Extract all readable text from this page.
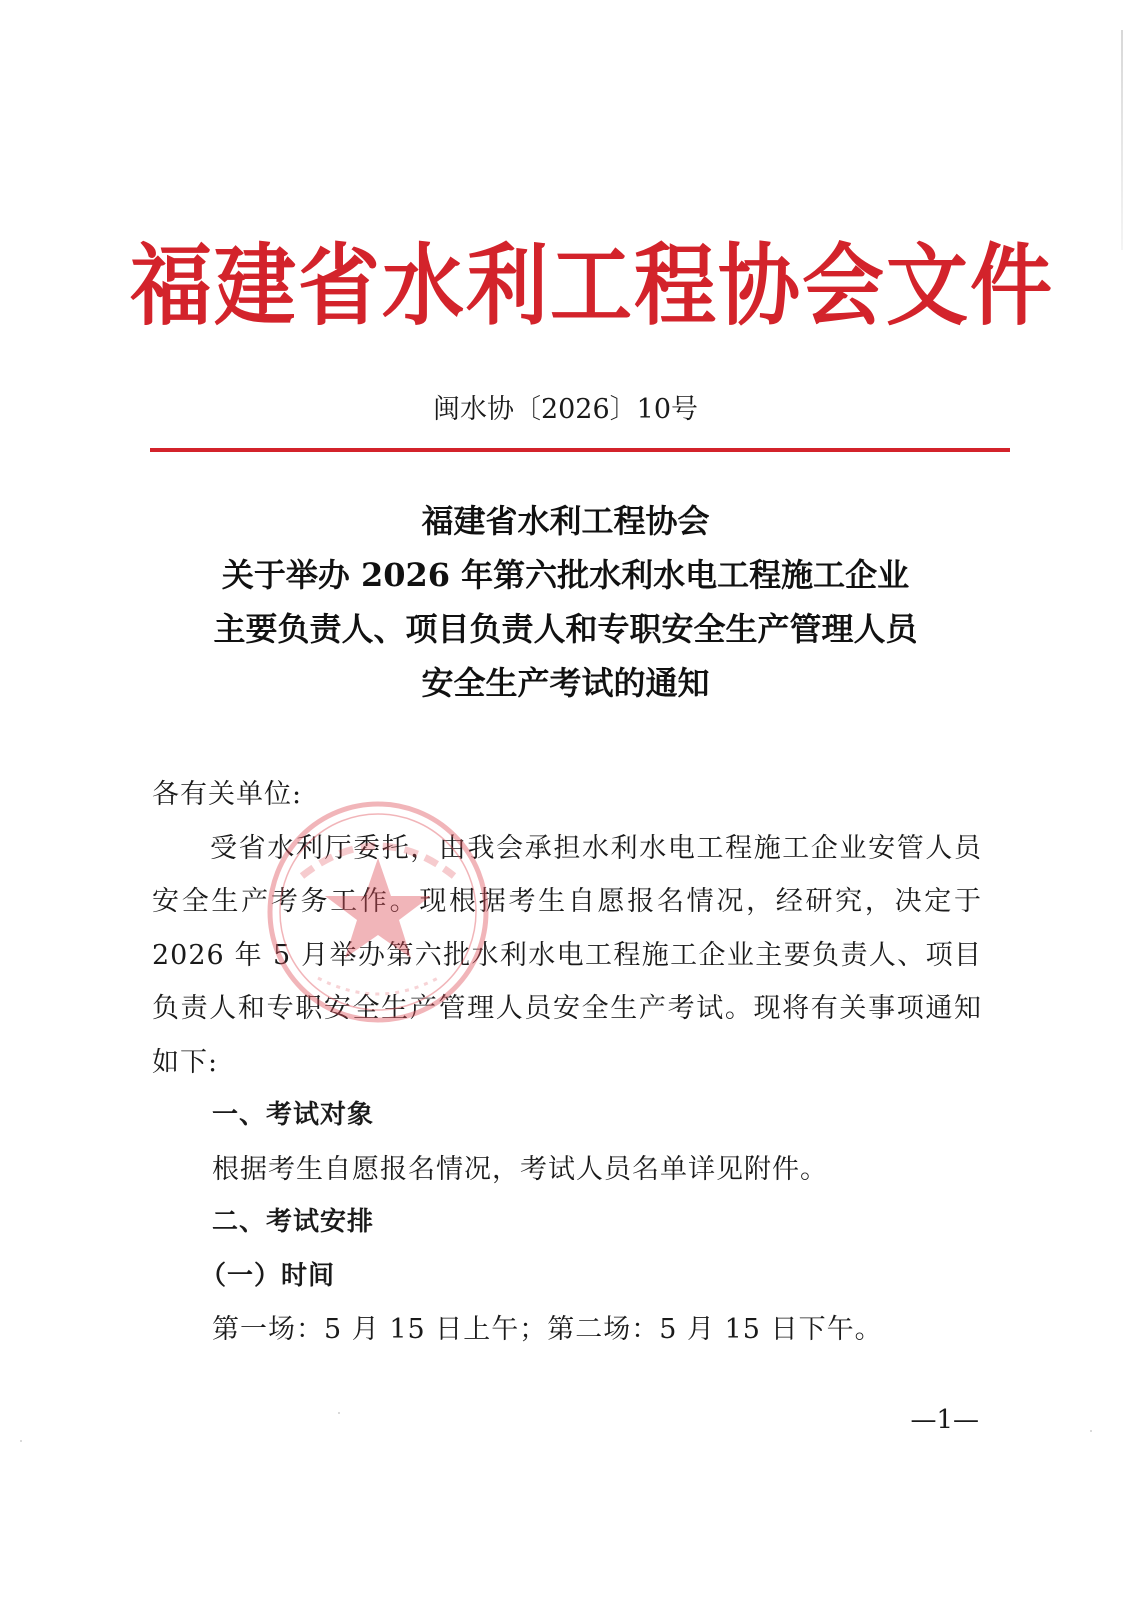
福建省水利工程协会文件
闽水协〔2026〕10号
福建省水利工程协会
关于举办 2026 年第六批水利水电工程施工企业
主要负责人、项目负责人和专职安全生产管理人员
安全生产考试的通知
各有关单位:
受省水利厅委托，由我会承担水利水电工程施工企业安管人员安全生产考务工作。现根据考生自愿报名情况，经研究，决定于 2026 年 5 月举办第六批水利水电工程施工企业主要负责人、项目负责人和专职安全生产管理人员安全生产考试。现将有关事项通知如下:
一、考试对象
根据考生自愿报名情况，考试人员名单详见附件。
二、考试安排
（一）时间
第一场：5 月 15 日上午；第二场：5 月 15 日下午。
—1—
